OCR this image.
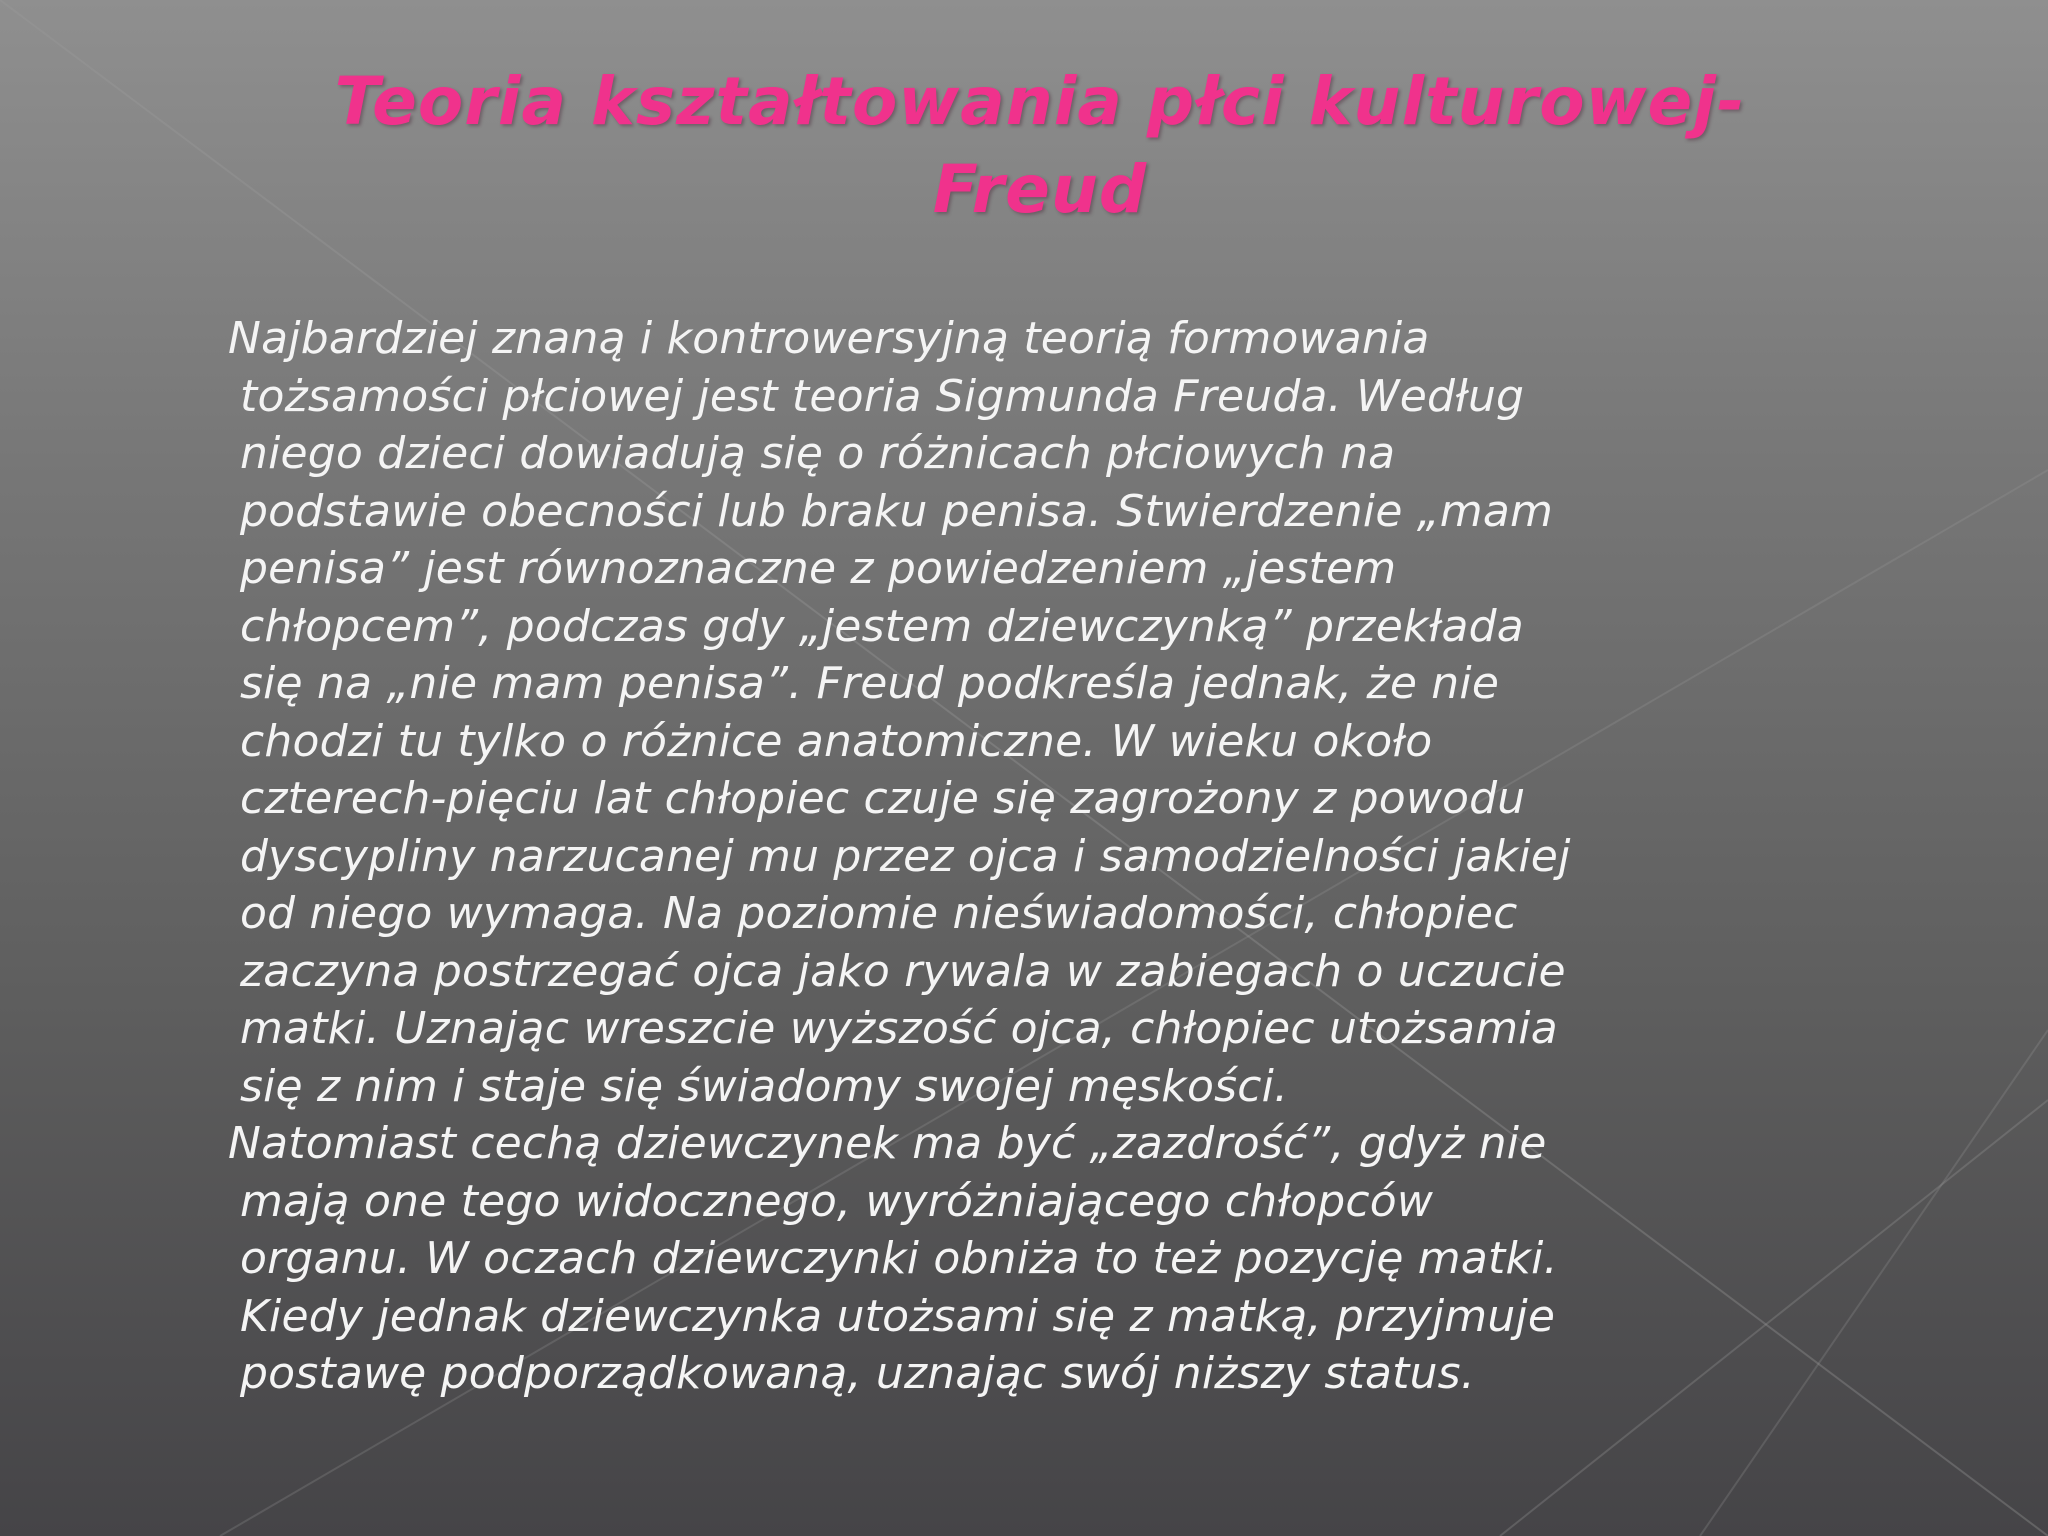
Teoria kształtowania płci kulturowej-
Freud
Najbardziej znaną i kontrowersyjną teorią formowania
tożsamości płciowej jest teoria Sigmunda Freuda. Według
niego dzieci dowiadują się o różnicach płciowych na
podstawie obecności lub braku penisa. Stwierdzenie „mam
penisa” jest równoznaczne z powiedzeniem „jestem
chłopcem”, podczas gdy „jestem dziewczynką” przekłada
się na „nie mam penisa”. Freud podkreśla jednak, że nie
chodzi tu tylko o różnice anatomiczne. W wieku około
czterech-pięciu lat chłopiec czuje się zagrożony z powodu
dyscypliny narzucanej mu przez ojca i samodzielności jakiej
od niego wymaga. Na poziomie nieświadomości, chłopiec
zaczyna postrzegać ojca jako rywala w zabiegach o uczucie
matki. Uznając wreszcie wyższość ojca, chłopiec utożsamia
się z nim i staje się świadomy swojej męskości.
Natomiast cechą dziewczynek ma być „zazdrość”, gdyż nie
mają one tego widocznego, wyróżniającego chłopców
organu. W oczach dziewczynki obniża to też pozycję matki.
Kiedy jednak dziewczynka utożsami się z matką, przyjmuje
postawę podporządkowaną, uznając swój niższy status.
